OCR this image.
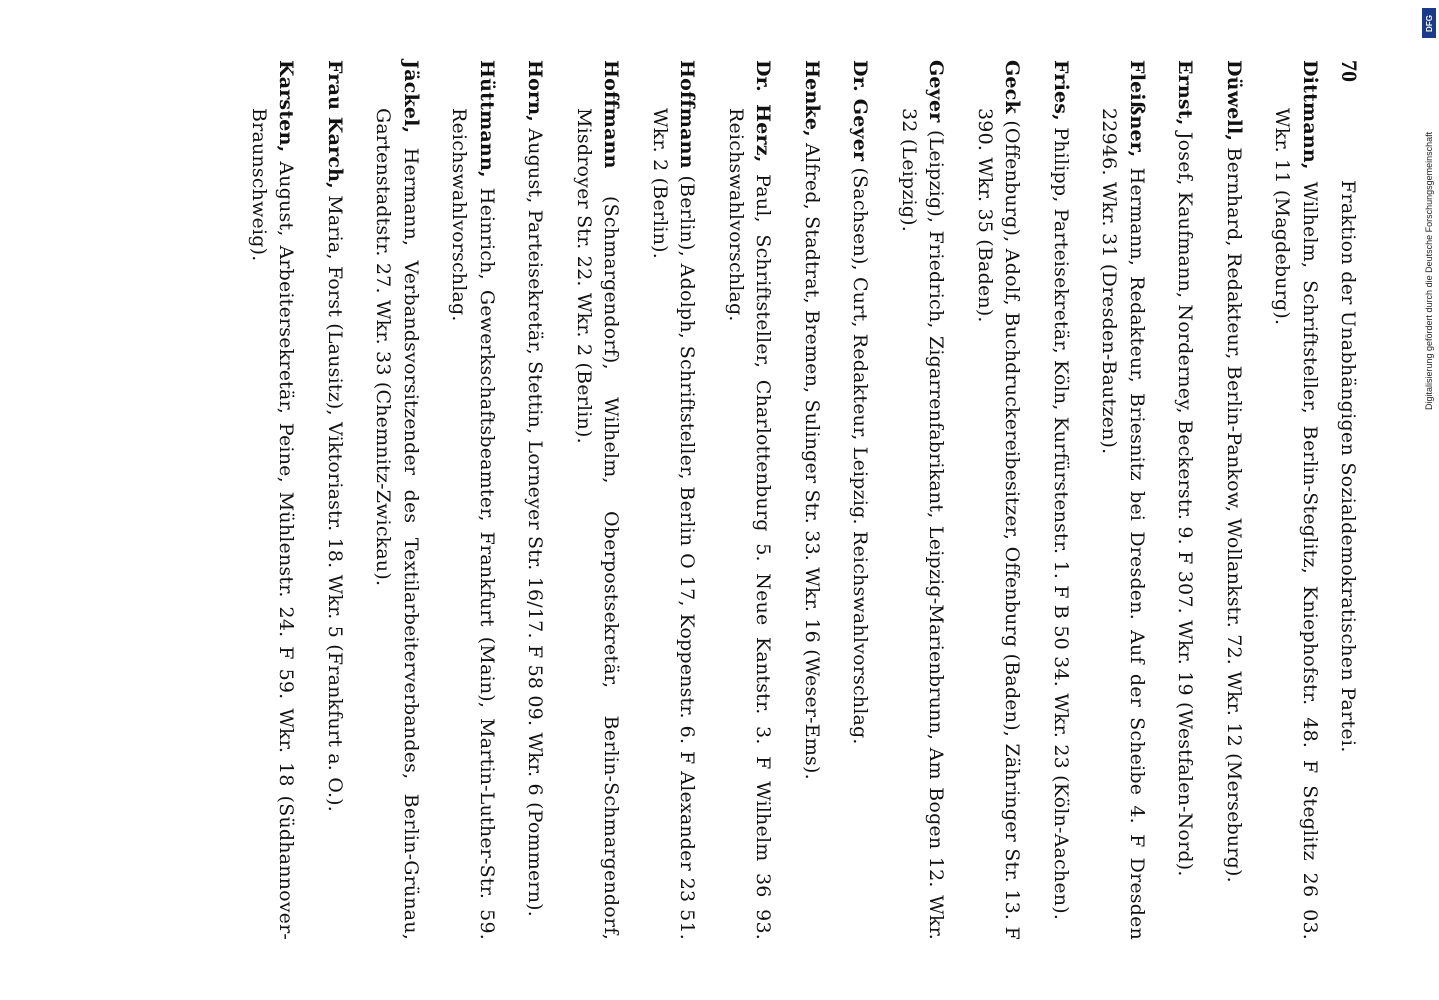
DFG
Digitalisierung gefördert durch die Deutsche Forschungsgemeinschaft
70
Fraktion der Unabhängigen Sozialdemokratischen Partei.
Dittmann, Wilhelm, Schriftsteller, Berlin-Steglitz, Kniephofstr. 48. F Steglitz 26 03. Wkr. 11 (Magdeburg).
Düwell, Bernhard, Redakteur, Berlin-Pankow, Wollankstr. 72. Wkr. 12 (Merseburg).
Ernst, Josef, Kaufmann, Norderney, Beckerstr. 9. F 307. Wkr. 19 (Westfalen-Nord).
Fleißner, Hermann, Redakteur, Briesnitz bei Dresden. Auf der Scheibe 4. F Dresden 22946. Wkr. 31 (Dresden-Bautzen).
Fries, Philipp, Parteisekretär, Köln, Kurfürstenstr. 1. F B 50 34. Wkr. 23 (Köln-Aachen).
Geck (Offenburg), Adolf, Buchdruckereibesitzer, Offenburg (Baden), Zähringer Str. 13. F 390. Wkr. 35 (Baden).
Geyer (Leipzig), Friedrich, Zigarrenfabrikant, Leipzig-Marienbrunn, Am Bogen 12. Wkr. 32 (Leipzig).
Dr. Geyer (Sachsen), Curt, Redakteur, Leipzig. Reichswahlvorschlag.
Henke, Alfred, Stadtrat, Bremen, Sulinger Str. 33. Wkr. 16 (Weser-Ems).
Dr. Herz, Paul, Schriftsteller, Charlottenburg 5. Neue Kantstr. 3. F Wilhelm 36 93. Reichswahlvorschlag.
Hoffmann (Berlin), Adolph, Schriftsteller, Berlin O 17, Koppenstr. 6. F Alexander 23 51. Wkr. 2 (Berlin).
Hoffmann (Schmargendorf), Wilhelm, Oberpostsekretär, Berlin-Schmargendorf, Misdroyer Str. 22. Wkr. 2 (Berlin).
Horn, August, Parteisekretär, Stettin, Lorneyer Str. 16/17. F 58 09. Wkr. 6 (Pommern).
Hüttmann, Heinrich, Gewerkschaftsbeamter, Frankfurt (Main), Martin-Luther-Str. 59. Reichswahlvorschlag.
Jäckel, Hermann, Verbandsvorsitzender des Textilarbeiterverbandes, Berlin-Grünau, Gartenstadtstr. 27. Wkr. 33 (Chemnitz-Zwickau).
Frau Karch, Maria, Forst (Lausitz), Viktoriastr. 18. Wkr. 5 (Frankfurt a. O.).
Karsten, August, Arbeitersekretär, Peine, Mühlenstr. 24. F 59. Wkr. 18 (Südhannover-Braunschweig).
